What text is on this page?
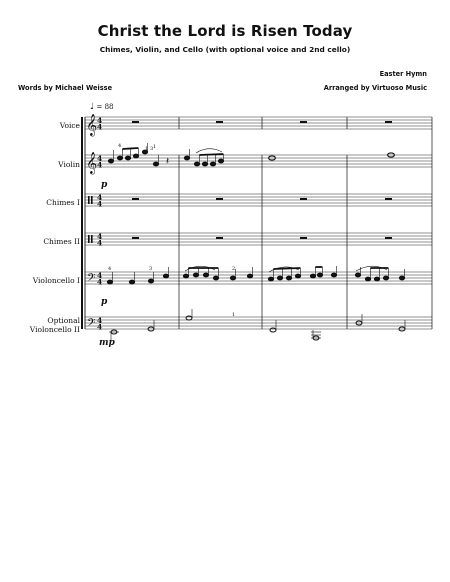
Christ the Lord is Risen Today
Chimes, Violin, and Cello (with optional voice and 2nd cello)
Words by Michael Weisse
Easter Hymn
Arranged by Virtuoso Music
♩ = 88
Voice
Violin
Chimes I
Chimes II
Violoncello I
Optional
Violoncello II
p
p
mp
𝄞
𝄞
𝄢
𝄢
4
4
4
4
4
4
4
4
4
4
4
4
𝄽
4	1 3 1
4	3	2
1
